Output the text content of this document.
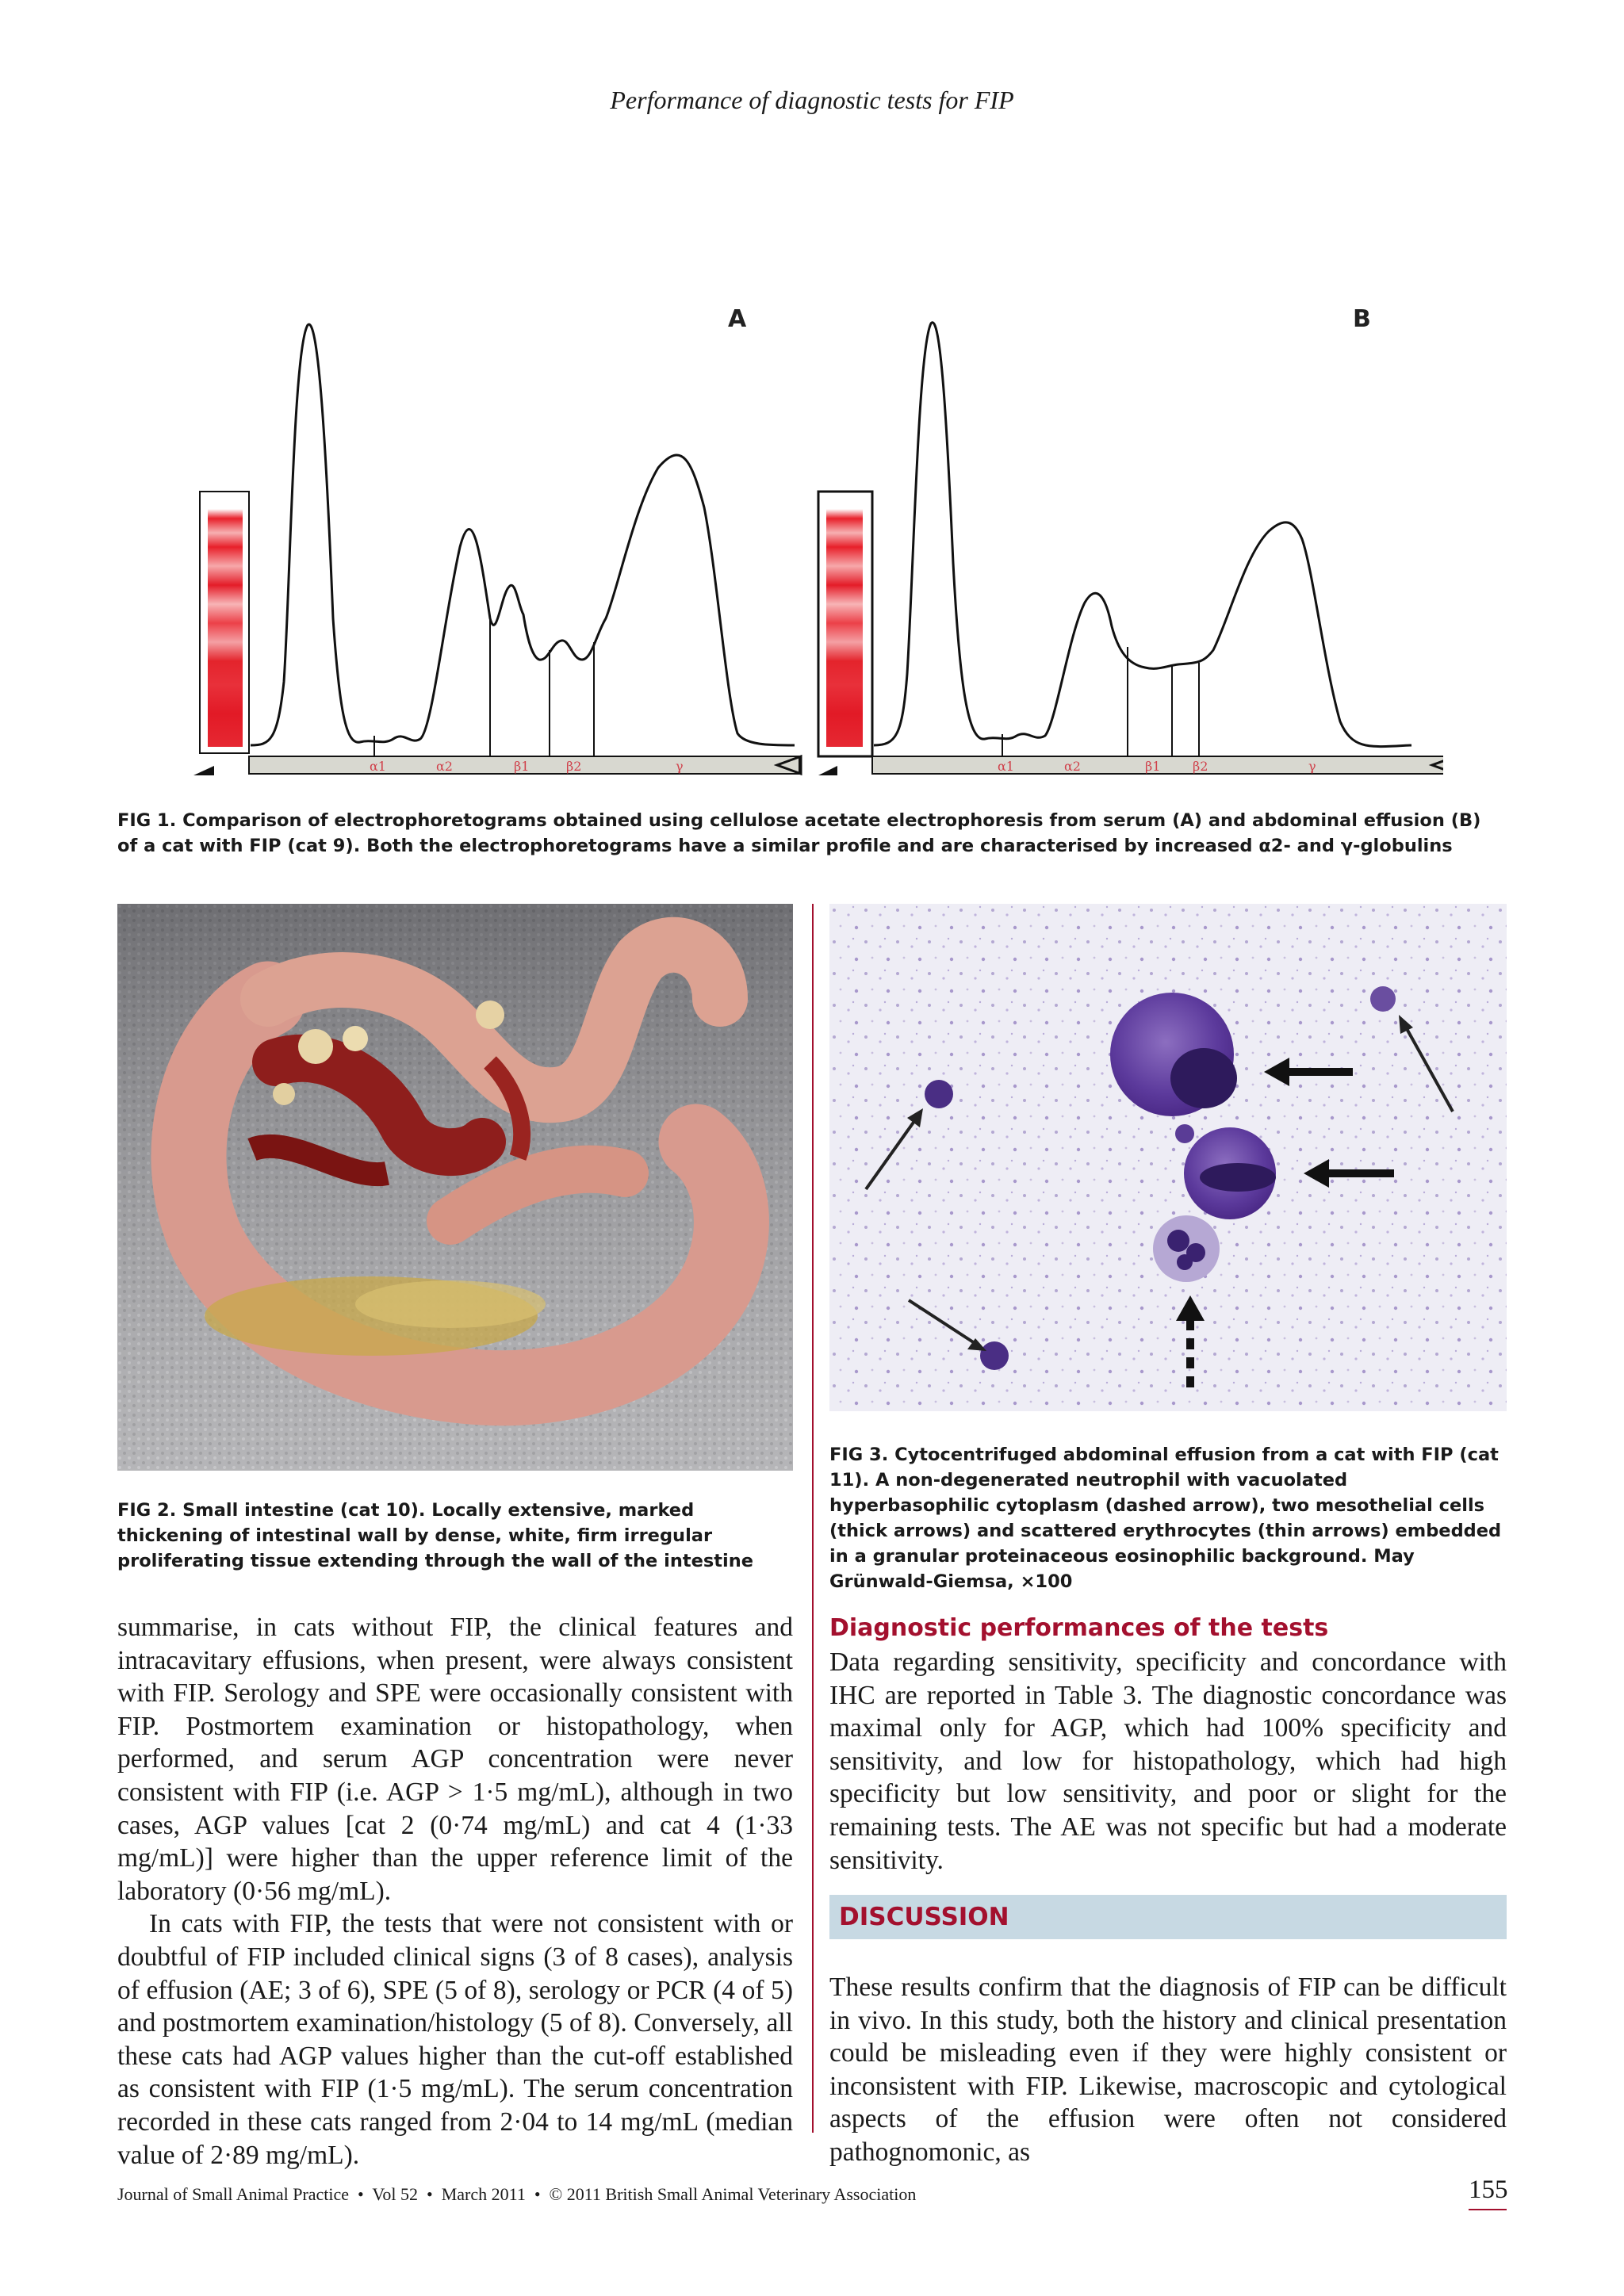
Performance of diagnostic tests for FIP
A
α1	α2	β1	β2	γ
B
α1	α2	β1	β2	γ
FIG 1. Comparison of electrophoretograms obtained using cellulose acetate electrophoresis from serum (A) and abdominal effusion (B) of a cat with FIP (cat 9). Both the electrophoretograms have a similar profile and are characterised by increased α2- and γ-globulins
FIG 2. Small intestine (cat 10). Locally extensive, marked thickening of intestinal wall by dense, white, firm irregular proliferating tissue extending through the wall of the intestine
FIG 3. Cytocentrifuged abdominal effusion from a cat with FIP (cat 11). A non-degenerated neutrophil with vacuolated hyperbasophilic cytoplasm (dashed arrow), two mesothelial cells (thick arrows) and scattered erythrocytes (thin arrows) embedded in a granular proteinaceous eosinophilic background. May Grünwald-Giemsa, ×100

summarise, in cats without FIP, the clinical features and intracavitary effusions, when present, were always consistent with FIP. Serology and SPE were occasionally consistent with FIP. Postmortem examination or histopathology, when performed, and serum AGP concentration were never consistent with FIP (i.e. AGP > 1·5 mg/mL), although in two cases, AGP values [cat 2 (0·74 mg/mL) and cat 4 (1·33 mg/mL)] were higher than the upper reference limit of the laboratory (0·56 mg/mL).

In cats with FIP, the tests that were not consistent with or doubtful of FIP included clinical signs (3 of 8 cases), analysis of effusion (AE; 3 of 6), SPE (5 of 8), serology or PCR (4 of 5) and postmortem examination/histology (5 of 8). Conversely, all these cats had AGP values higher than the cut-off established as consistent with FIP (1·5 mg/mL). The serum concentration recorded in these cats ranged from 2·04 to 14 mg/mL (median value of 2·89 mg/mL).

Diagnostic performances of the tests
Data regarding sensitivity, specificity and concordance with IHC are reported in Table 3. The diagnostic concordance was maximal only for AGP, which had 100% specificity and sensitivity, and low for histopathology, which had high specificity but low sensitivity, and poor or slight for the remaining tests. The AE was not specific but had a moderate sensitivity.
DISCUSSION
These results confirm that the diagnosis of FIP can be difficult in vivo. In this study, both the history and clinical presentation could be misleading even if they were highly consistent or inconsistent with FIP. Likewise, macroscopic and cytological aspects of the effusion were often not considered pathognomonic, as
Journal of Small Animal Practice  •  Vol 52  •  March 2011  •  © 2011 British Small Animal Veterinary Association	155
